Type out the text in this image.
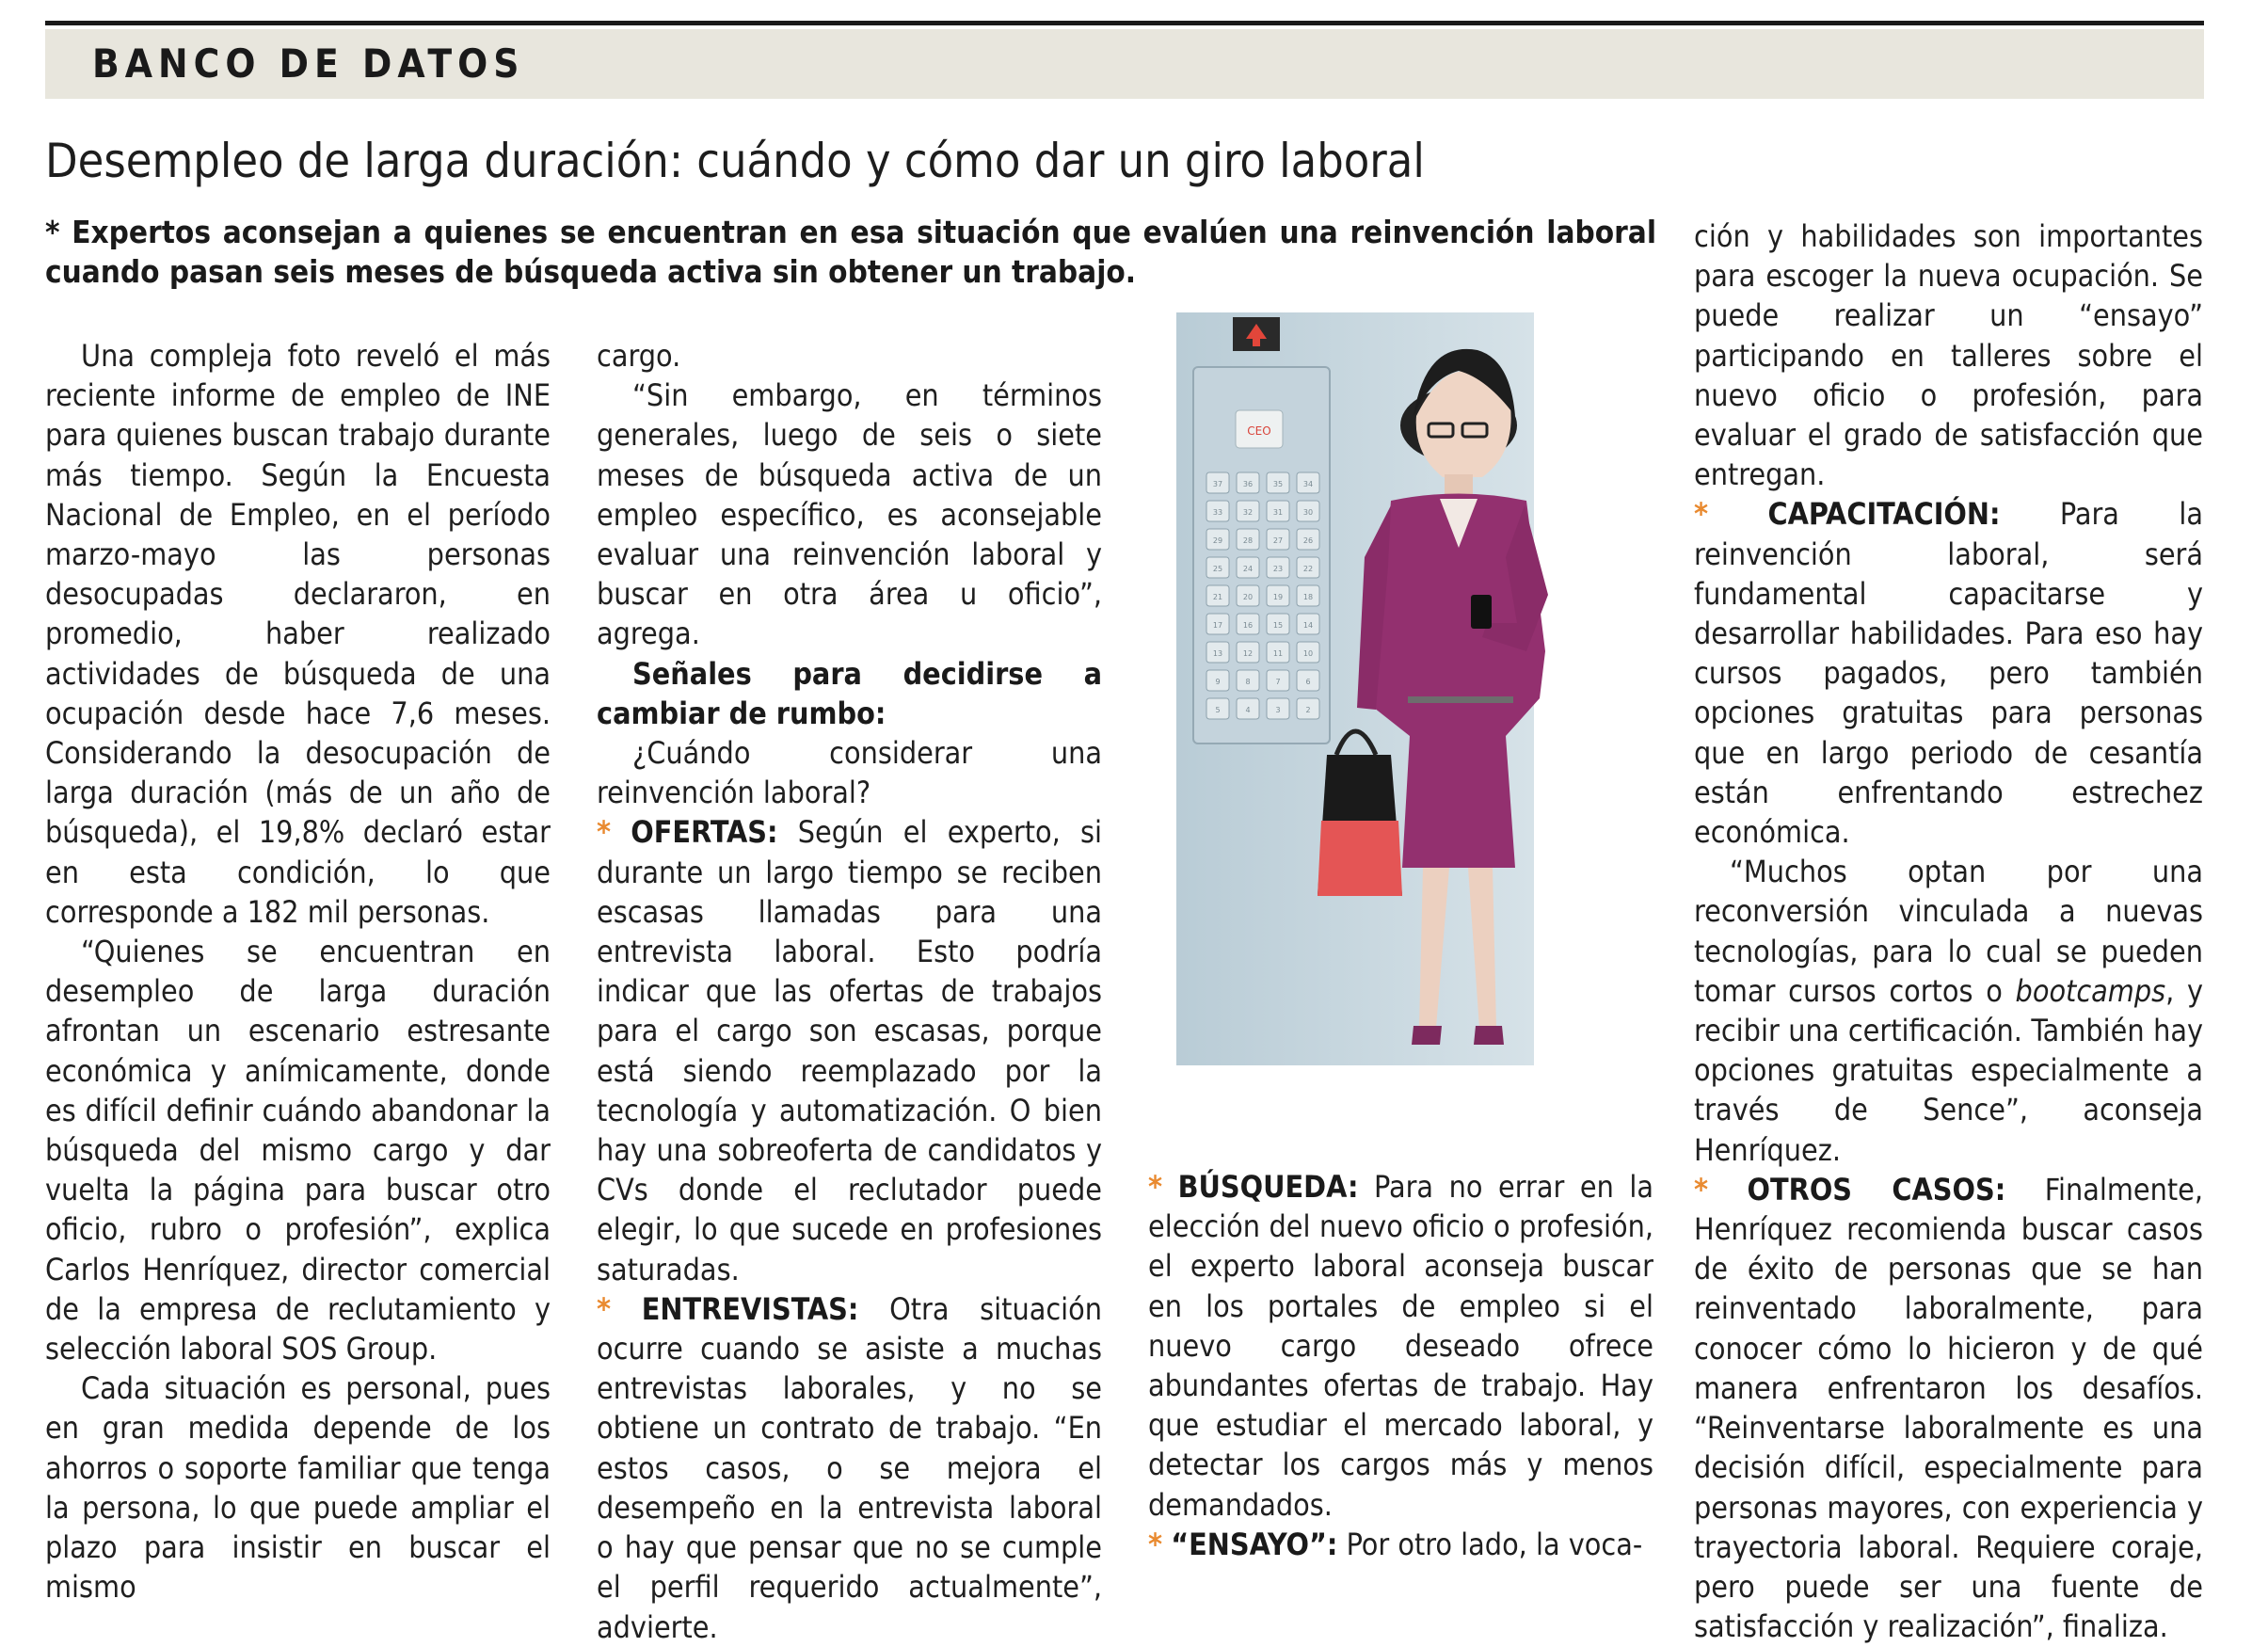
BANCO DE DATOS
Desempleo de larga duración: cuándo y cómo dar un giro laboral

* Expertos aconsejan a quienes se encuentran en esa situación que evalúen una reinvención laboral cuando pasan seis meses de búsqueda activa sin obtener un trabajo.

Una compleja foto reveló el más reciente informe de empleo de INE para quienes buscan trabajo durante más tiempo. Según la Encuesta Nacional de Empleo, en el período marzo-mayo las personas desocupadas declararon, en promedio, haber realizado actividades de búsqueda de una ocupación desde hace 7,6 meses. Considerando la desocupación de larga duración (más de un año de búsqueda), el 19,8% declaró estar en esta condición, lo que corresponde a 182 mil personas.

“Quienes se encuentran en desempleo de larga duración afrontan un escenario estresante económica y anímicamente, donde es difícil definir cuándo abandonar la búsqueda del mismo cargo y dar vuelta la página para buscar otro oficio, rubro o profesión”, explica Carlos Henríquez, director comercial de la empresa de reclutamiento y selección laboral SOS Group.

Cada situación es personal, pues en gran medida depende de los ahorros o soporte familiar que tenga la persona, lo que puede ampliar el plazo para insistir en buscar el mismo

cargo.

“Sin embargo, en términos generales, luego de seis o siete meses de búsqueda activa de un empleo específico, es aconsejable evaluar una reinvención laboral y buscar en otra área u oficio”, agrega.

Señales para decidirse a cambiar de rumbo:

¿Cuándo considerar una reinvención laboral?

* OFERTAS: Según el experto, si durante un largo tiempo se reciben escasas llamadas para una entrevista laboral. Esto podría indicar que las ofertas de trabajos para el cargo son escasas, porque está siendo reemplazado por la tecnología y automatización. O bien hay una sobreoferta de candidatos y CVs donde el reclutador puede elegir, lo que sucede en profesiones saturadas.

* ENTREVISTAS: Otra situación ocurre cuando se asiste a muchas entrevistas laborales, y no se obtiene un contrato de trabajo. “En estos casos, o se mejora el desempeño en la entrevista laboral o hay que pensar que no se cumple el perfil requerido actualmente”, advierte.

CEO
37	36	35	34
33	32	31	30
29	28	27	26
25	24	23	22
21	20	19	18
17	16	15	14
13	12	11	10
9	8	7	6
5	4	3	2

* BÚSQUEDA: Para no errar en la elección del nuevo oficio o profesión, el experto laboral aconseja buscar en los portales de empleo si el nuevo cargo deseado ofrece abundantes ofertas de trabajo. Hay que estudiar el mercado laboral, y detectar los cargos más y menos demandados.

* “ENSAYO”: Por otro lado, la voca-

ción y habilidades son importantes para escoger la nueva ocupación. Se puede realizar un “ensayo” participando en talleres sobre el nuevo oficio o profesión, para evaluar el grado de satisfacción que entregan.

* CAPACITACIÓN: Para la reinvención laboral, será fundamental capacitarse y desarrollar habilidades. Para eso hay cursos pagados, pero también opciones gratuitas para personas que en largo periodo de cesantía están enfrentando estrechez económica.

“Muchos optan por una reconversión vinculada a nuevas tecnologías, para lo cual se pueden tomar cursos cortos o bootcamps, y recibir una certificación. También hay opciones gratuitas especialmente a través de Sence”, aconseja Henríquez.

* OTROS CASOS: Finalmente, Henríquez recomienda buscar casos de éxito de personas que se han reinventado laboralmente, para conocer cómo lo hicieron y de qué manera enfrentaron los desafíos. “Reinventarse laboralmente es una decisión difícil, especialmente para personas mayores, con experiencia y trayectoria laboral. Requiere coraje, pero puede ser una fuente de satisfacción y realización”, finaliza.
